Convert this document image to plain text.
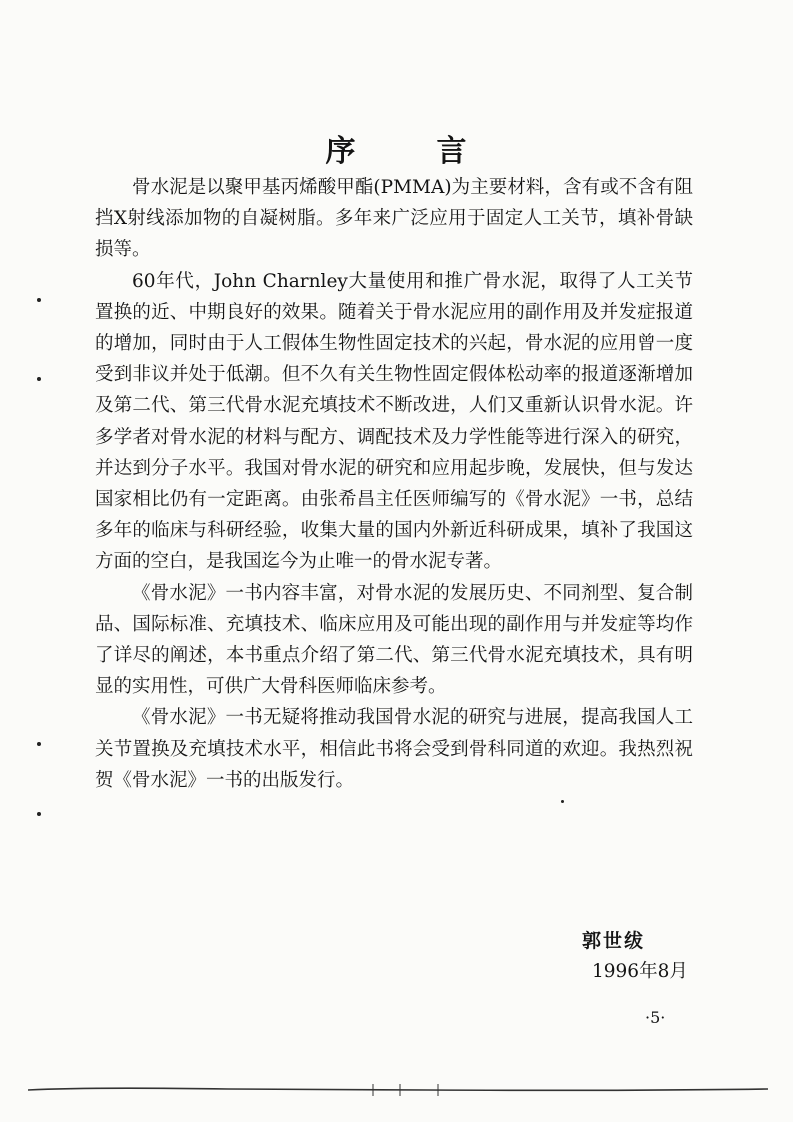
序	言

骨水泥是以聚甲基丙烯酸甲酯(PMMA)为主要材料，含有或不含有阻挡X射线添加物的自凝树脂。多年来广泛应用于固定人工关节，填补骨缺损等。

60年代，John Charnley大量使用和推广骨水泥，取得了人工关节置换的近、中期良好的效果。随着关于骨水泥应用的副作用及并发症报道的增加，同时由于人工假体生物性固定技术的兴起，骨水泥的应用曾一度受到非议并处于低潮。但不久有关生物性固定假体松动率的报道逐渐增加及第二代、第三代骨水泥充填技术不断改进，人们又重新认识骨水泥。许多学者对骨水泥的材料与配方、调配技术及力学性能等进行深入的研究，并达到分子水平。我国对骨水泥的研究和应用起步晚，发展快，但与发达国家相比仍有一定距离。由张希昌主任医师编写的《骨水泥》一书，总结多年的临床与科研经验，收集大量的国内外新近科研成果，填补了我国这方面的空白，是我国迄今为止唯一的骨水泥专著。

《骨水泥》一书内容丰富，对骨水泥的发展历史、不同剂型、复合制品、国际标准、充填技术、临床应用及可能出现的副作用与并发症等均作了详尽的阐述，本书重点介绍了第二代、第三代骨水泥充填技术，具有明显的实用性，可供广大骨科医师临床参考。

《骨水泥》一书无疑将推动我国骨水泥的研究与进展，提高我国人工关节置换及充填技术水平，相信此书将会受到骨科同道的欢迎。我热烈祝贺《骨水泥》一书的出版发行。

郭世绂
1996年8月
·5·
